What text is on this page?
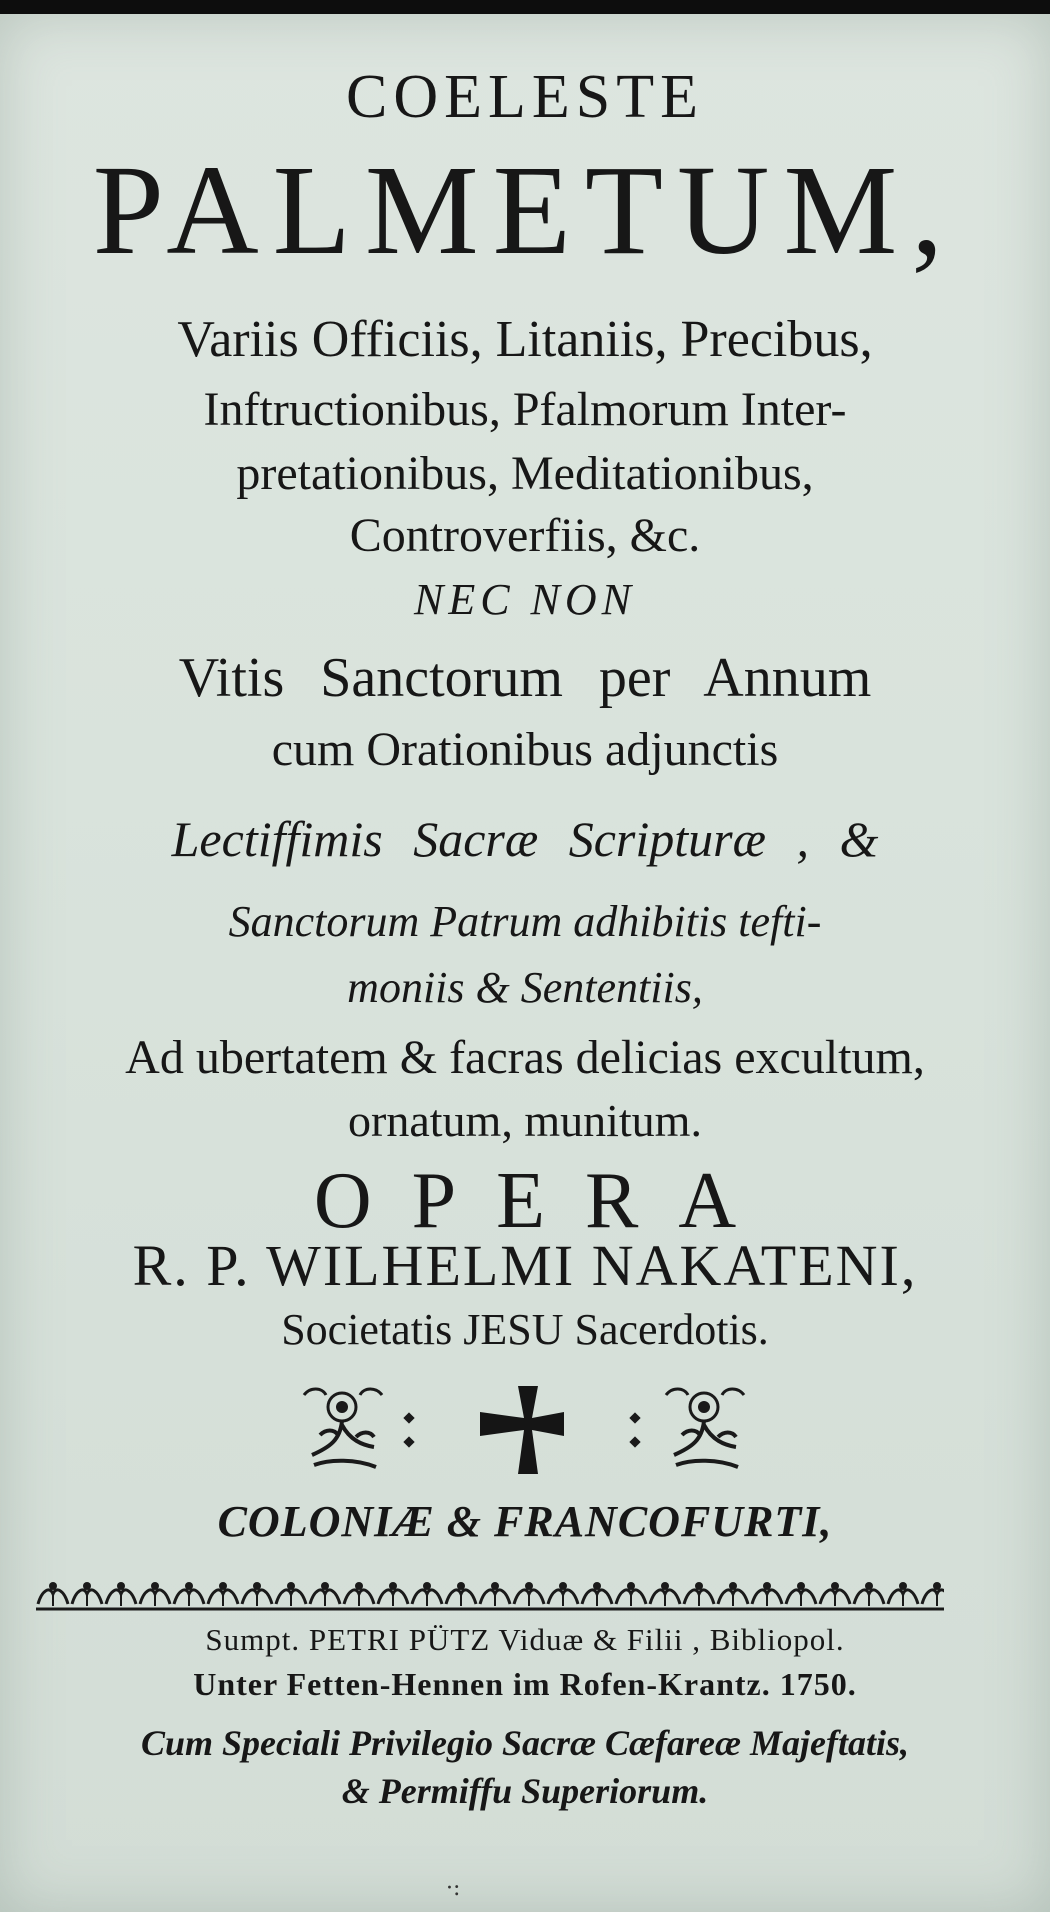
COELESTE
PALMETUM,
Variis Officiis, Litaniis, Precibus,
Inftructionibus, Pfalmorum Inter-
pretationibus, Meditationibus,
Controverfiis, &c.
NEC NON
Vitis Sanctorum per Annum
cum Orationibus adjunctis
Lectiffimis Sacræ Scripturæ , &
Sanctorum Patrum adhibitis tefti-
moniis & Sententiis,
Ad ubertatem & facras delicias excultum,
ornatum, munitum.
OPERA
R. P. WILHELMI NAKATENI,
Societatis JESU Sacerdotis.
COLONIÆ & FRANCOFURTI,
Sumpt. PETRI PÜTZ Viduæ & Filii , Bibliopol.
Unter Fetten-Hennen im Rofen-Krantz. 1750.
Cum Speciali Privilegio Sacræ Cæfareæ Majeftatis,
& Permiffu Superiorum.
·:
